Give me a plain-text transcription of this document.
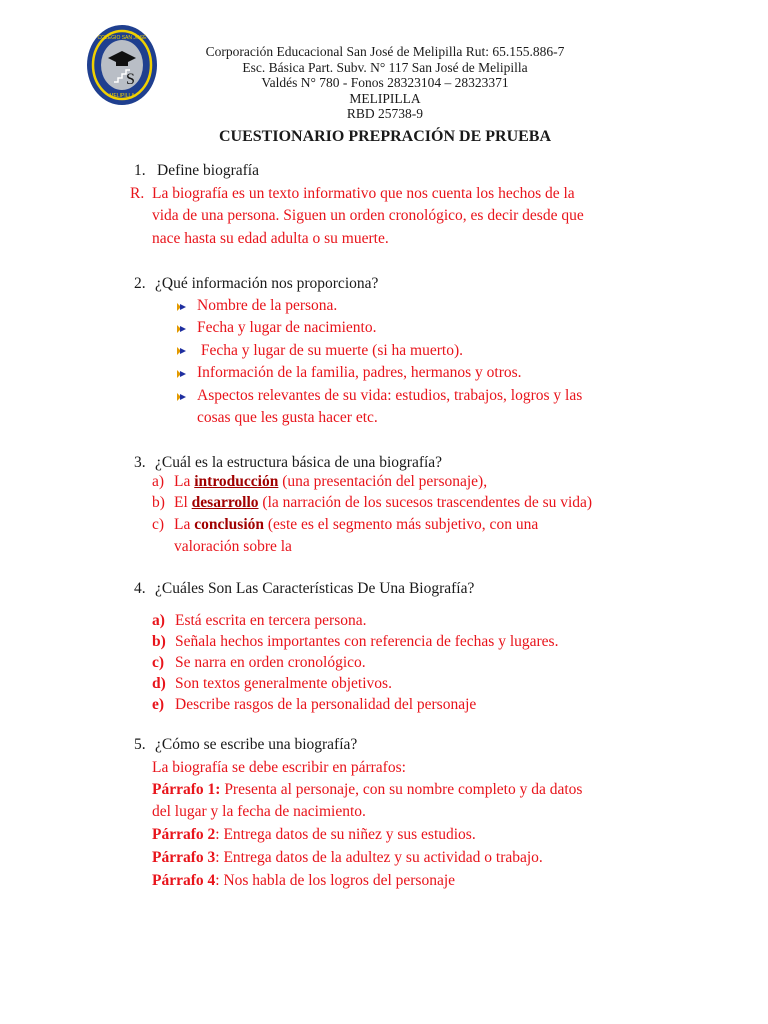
S
COLEGIO SAN JOSÉ
MELIPILLA
Corporación Educacional San José de Melipilla Rut: 65.155.886-7
Esc. Básica Part. Subv. N° 117 San José de Melipilla
Valdés N° 780 - Fonos 28323104 – 28323371
MELIPILLA
RBD 25738-9
CUESTIONARIO PREPRACIÓN DE PRUEBA
1. Define biografía
R. La biografía es un texto informativo que nos cuenta los hechos de la
vida de una persona. Siguen un orden cronológico, es decir desde que
nace hasta su edad adulta o su muerte.
2. ¿Qué información nos proporciona?
Nombre de la persona.
Fecha y lugar de nacimiento.
Fecha y lugar de su muerte (si ha muerto).
Información de la familia, padres, hermanos y otros.
Aspectos relevantes de su vida: estudios, trabajos, logros y las
cosas que les gusta hacer etc.
3. ¿Cuál es la estructura básica de una biografía?
a) La introducción (una presentación del personaje),
b) El desarrollo (la narración de los sucesos trascendentes de su vida)
c) La conclusión (este es el segmento más subjetivo, con una
valoración sobre la
4. ¿Cuáles Son Las Características De Una Biografía?
a) Está escrita en tercera persona.
b) Señala hechos importantes con referencia de fechas y lugares.
c) Se narra en orden cronológico.
d) Son textos generalmente objetivos.
e) Describe rasgos de la personalidad del personaje
5. ¿Cómo se escribe una biografía?
La biografía se debe escribir en párrafos:
Párrafo 1: Presenta al personaje, con su nombre completo y da datos
del lugar y la fecha de nacimiento.
Párrafo 2: Entrega datos de su niñez y sus estudios.
Párrafo 3: Entrega datos de la adultez y su actividad o trabajo.
Párrafo 4: Nos habla de los logros del personaje
